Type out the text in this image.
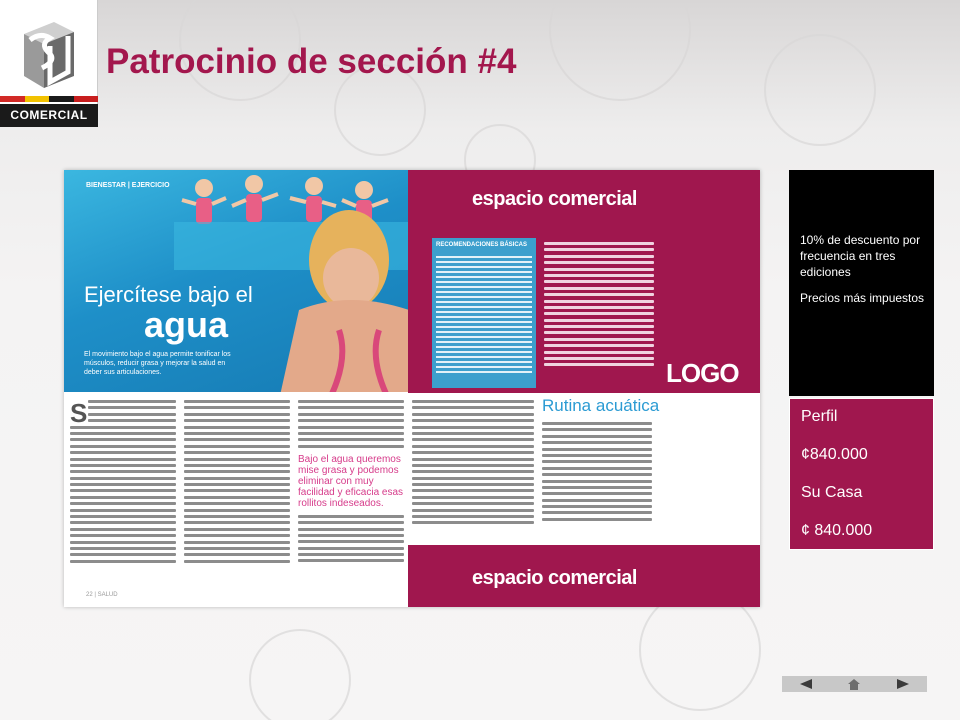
COMERCIAL
Patrocinio de sección #4
BIENESTAR | EJERCICIO
Ejercítese bajo el
agua
El movimiento bajo el agua permite tonificar los músculos, reducir grasa y mejorar la salud en deber sus articulaciones.
S
Bajo el agua queremos mise grasa y podemos eliminar con muy facilidad y eficacia esas rollitos indeseados.
22 | SALUD
espacio comercial
RECOMENDACIONES BÁSICAS
LOGO
Rutina acuática
espacio comercial
10% de descuento por frecuencia en tres ediciones
Precios más impuestos
Perfil
¢840.000
Su Casa
¢ 840.000
